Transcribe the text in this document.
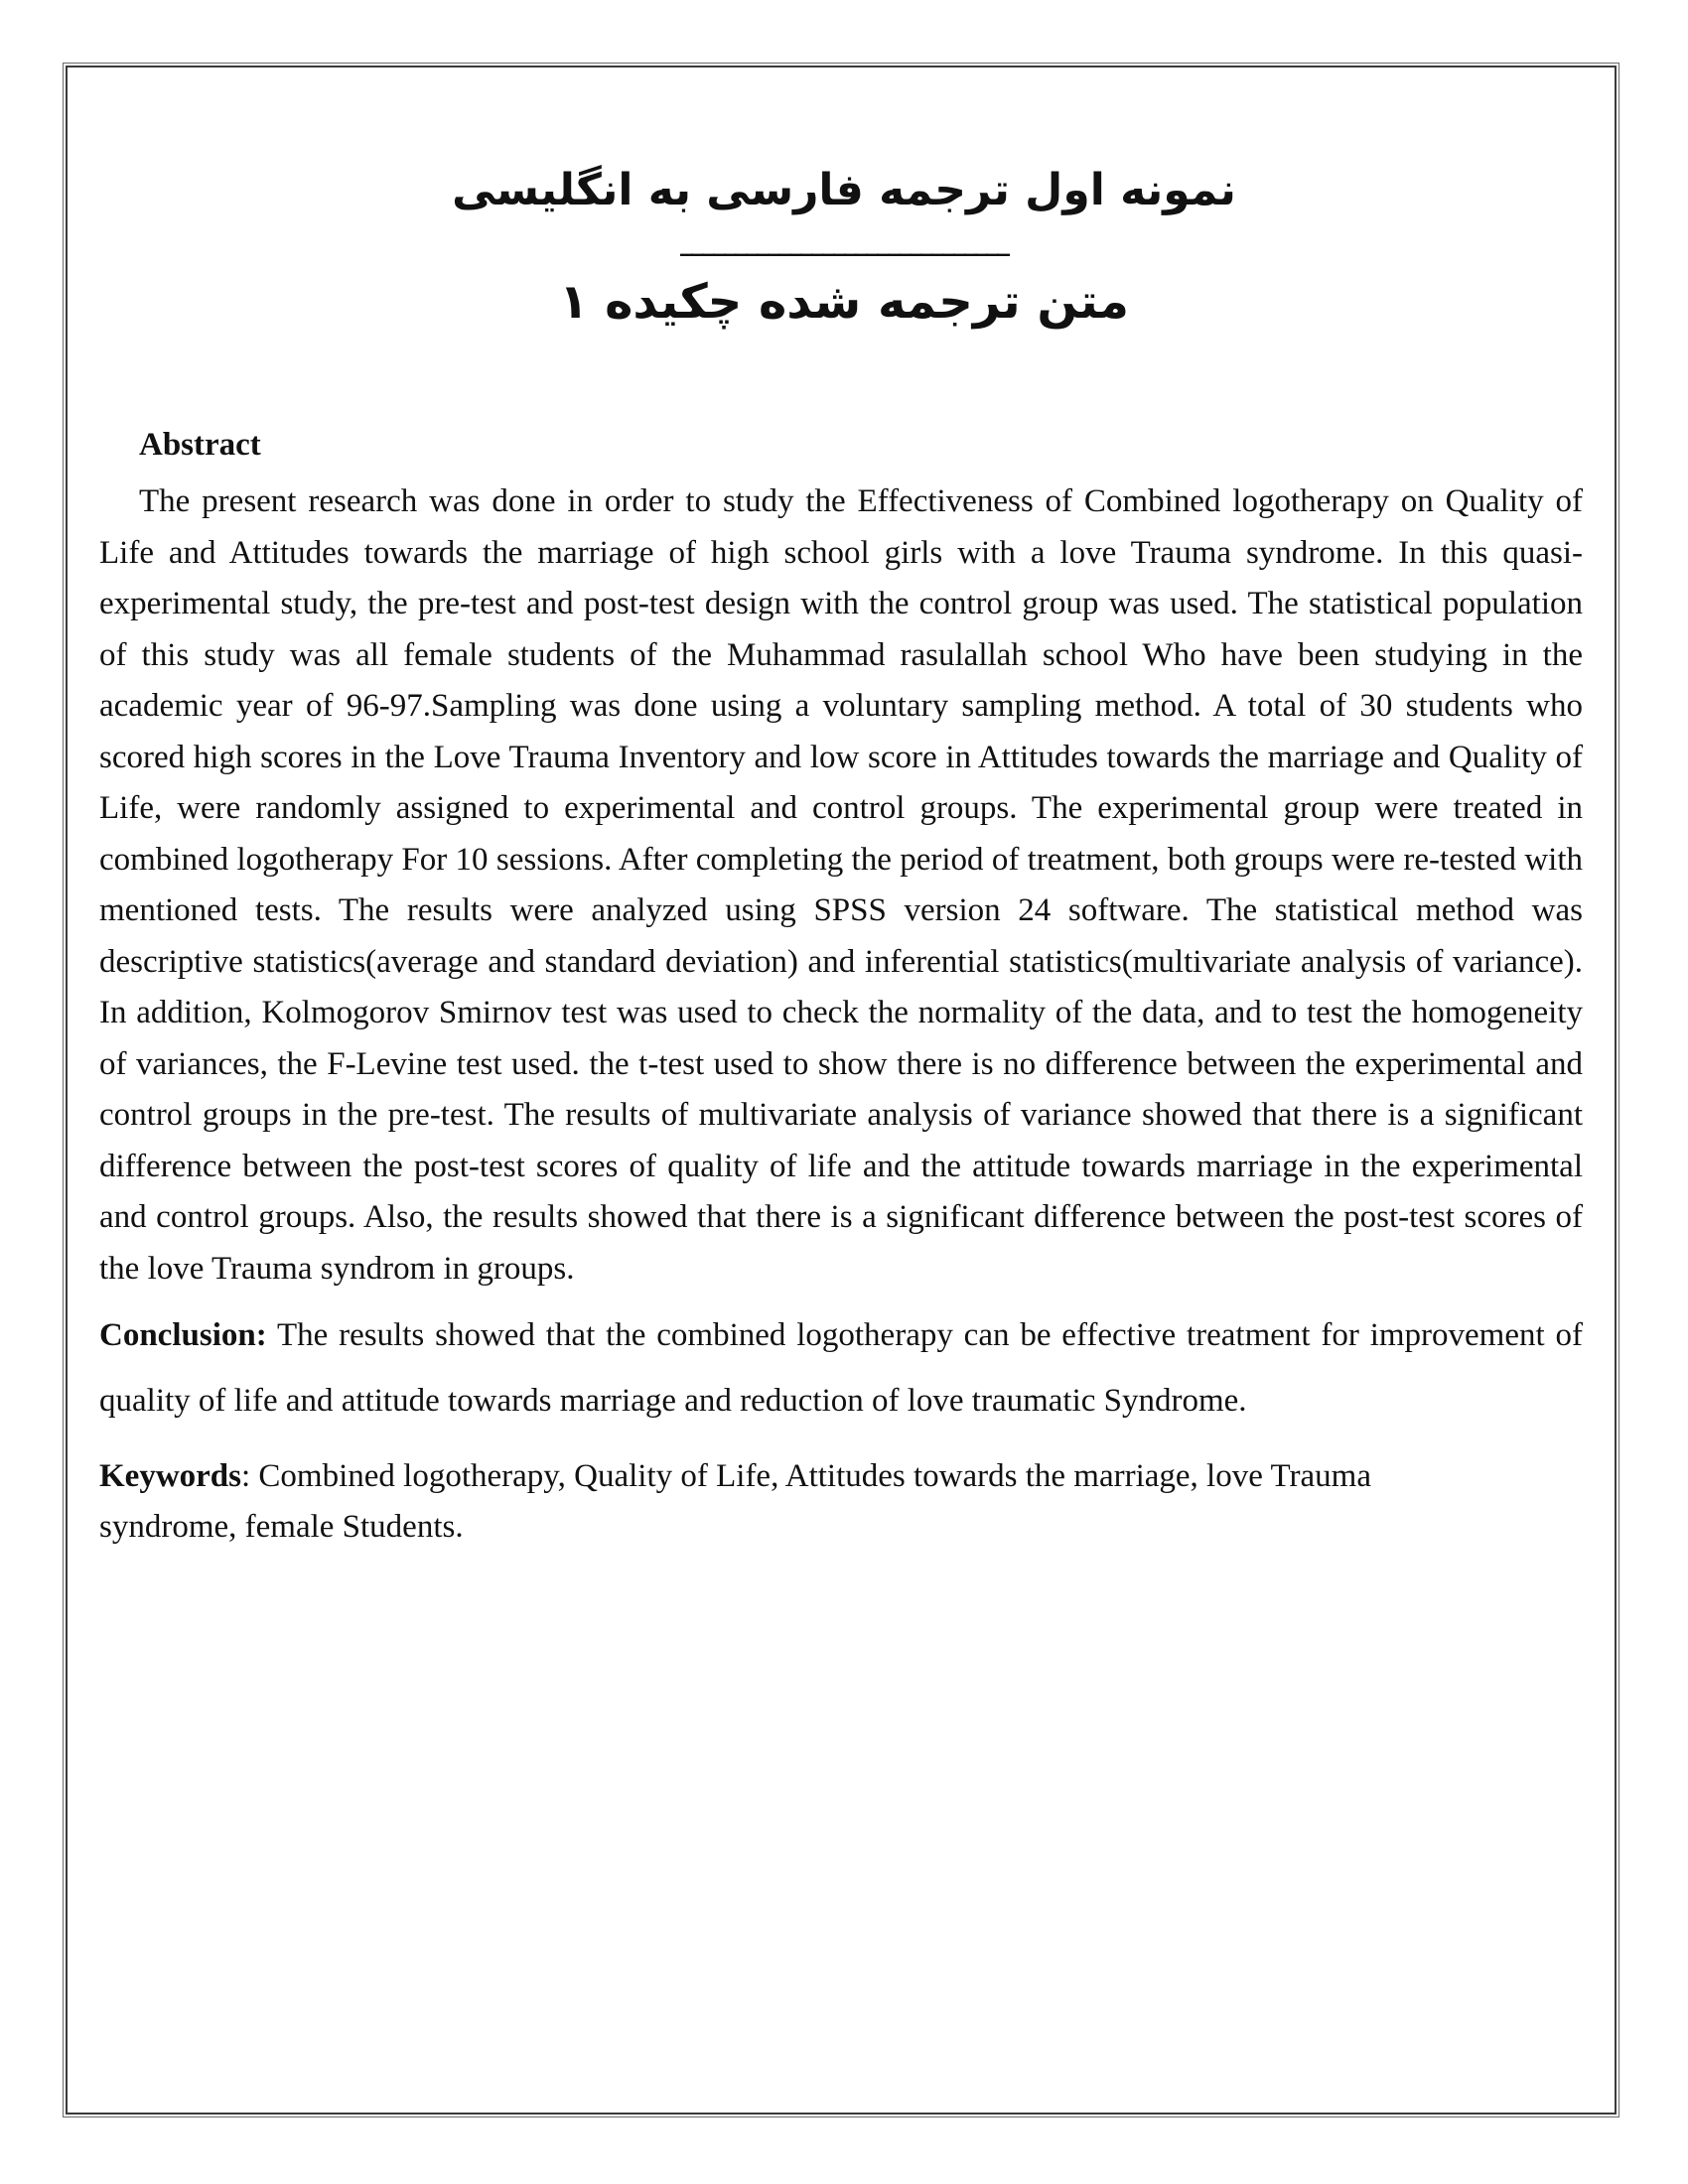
نمونه اول ترجمه فارسی به انگلیسی

______________________________

متن ترجمه شده چکیده ۱

Abstract

The present research was done in order to study the Effectiveness of Combined logotherapy on Quality of Life and Attitudes towards the marriage of high school girls with a love Trauma syndrome. In this quasi-experimental study, the pre-test and post-test design with the control group was used. The statistical population of this study was all female students of the Muhammad rasulallah school Who have been studying in the academic year of 96-97.Sampling was done using a voluntary sampling method. A total of 30 students who scored high scores in the Love Trauma Inventory and low score in Attitudes towards the marriage and Quality of Life, were randomly assigned to experimental and control groups. The experimental group were treated in combined logotherapy For 10 sessions. After completing the period of treatment, both groups were re-tested with mentioned tests. The results were analyzed using SPSS version 24 software. The statistical method was descriptive statistics(average and standard deviation) and inferential statistics(multivariate analysis of variance). In addition, Kolmogorov Smirnov test was used to check the normality of the data, and to test the homogeneity of variances, the F-Levine test used. the t-test used to show there is no difference between the experimental and control groups in the pre-test. The results of multivariate analysis of variance showed that there is a significant difference between the post-test scores of quality of life and the attitude towards marriage in the experimental and control groups. Also, the results showed that there is a significant difference between the post-test scores of the love Trauma syndrom in groups.

Conclusion: The results showed that the combined logotherapy can be effective treatment for improvement of quality of life and attitude towards marriage and reduction of love traumatic Syndrome.

Keywords: Combined logotherapy, Quality of Life, Attitudes towards the marriage, love Trauma syndrome, female Students.
